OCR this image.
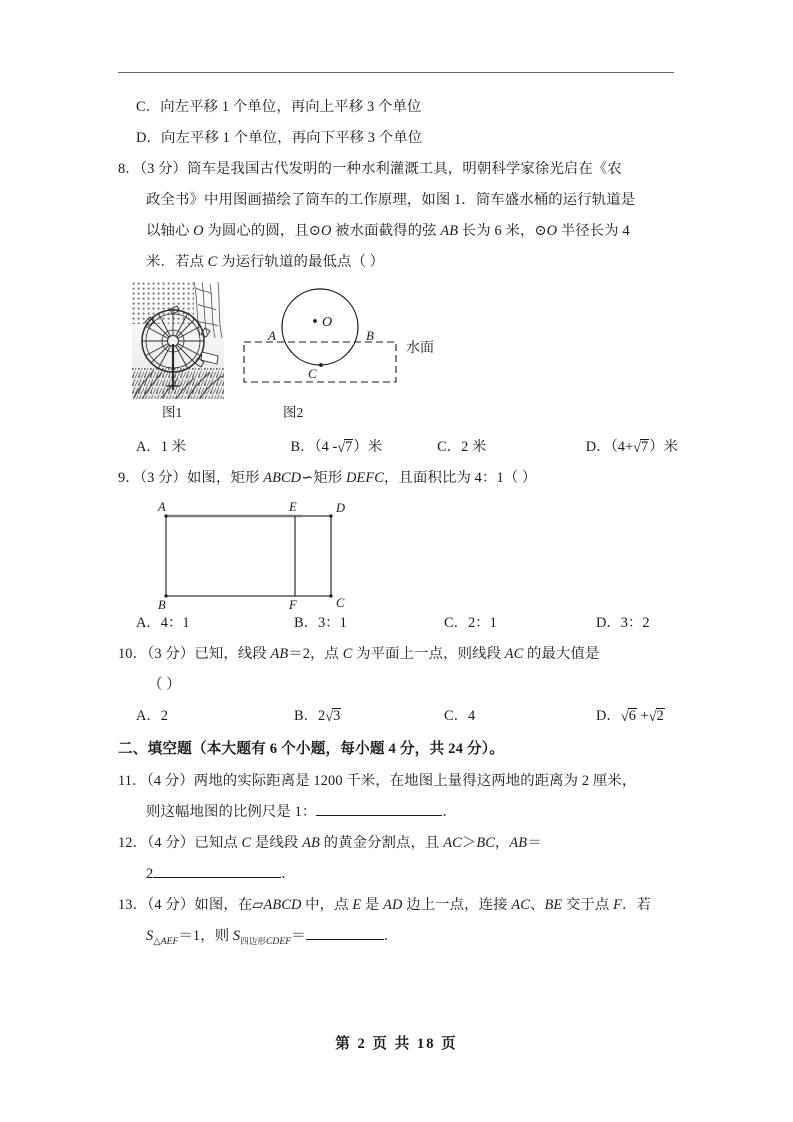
C．向左平移 1 个单位，再向上平移 3 个单位
D．向左平移 1 个单位，再向下平移 3 个单位
8．（3 分）筒车是我国古代发明的一种水利灌溉工具，明朝科学家徐光启在《农
政全书》中用图画描绘了筒车的工作原理，如图 1．筒车盛水桶的运行轨道是
以轴心 O 为圆心的圆，且⊙O 被水面截得的弦 AB 长为 6 米，⊙O 半径长为 4
米．若点 C 为运行轨道的最低点（ ）
O
C
A	B
水面
图1	图2
A．1 米	B．（4 -√7）米	C．2 米	D．（4+√7）米
9．（3 分）如图，矩形 ABCD∽矩形 DEFC，且面积比为 4：1（ ）
A
B	C
D
E
F
A．4：1	B．3：1	C．2：1	D．3：2
10．（3 分）已知，线段 AB＝2，点 C 为平面上一点，则线段 AC 的最大值是
（ ）
A．2	B．2√3	C．4	D．√6 +√2
二、填空题（本大题有 6 个小题，每小题 4 分，共 24 分）。
11．（4 分）两地的实际距离是 1200 千米，在地图上量得这两地的距离为 2 厘米，
则这幅地图的比例尺是 1：	．
12．（4 分）已知点 C 是线段 AB 的黄金分割点，且 AC＞BC，AB＝
2	．
13．（4 分）如图，在▱ABCD 中，点 E 是 AD 边上一点，连接 AC、BE 交于点 F．若
$S_{\triangle AEF}=1$，则 $S_{四边形CDEF}=$	．
第 2 页 共 18 页
